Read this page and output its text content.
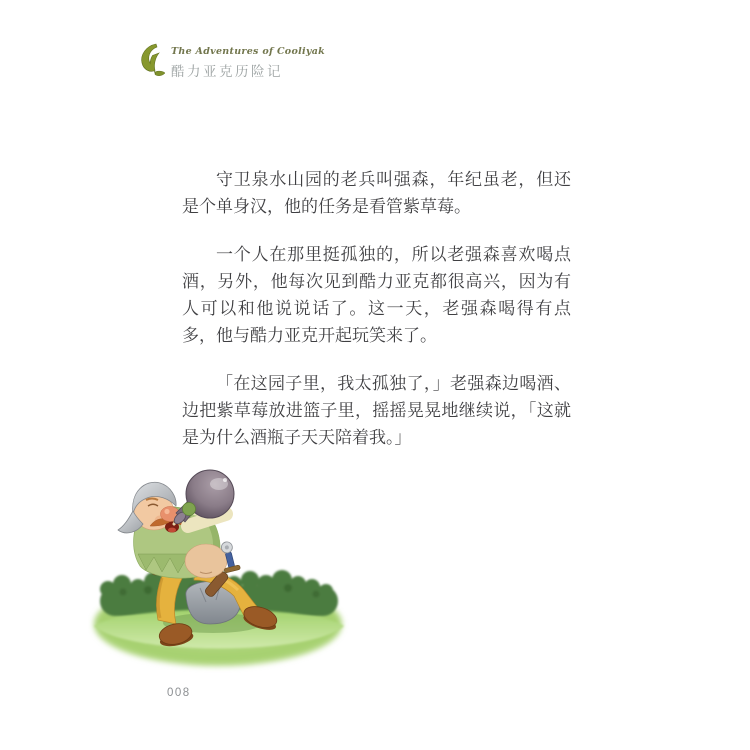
The Adventures of Cooliyak
酷力亚克历险记

守卫泉水山园的老兵叫强森，年纪虽老，但还是个单身汉，他的任务是看管紫草莓。

一个人在那里挺孤独的，所以老强森喜欢喝点酒，另外，他每次见到酷力亚克都很高兴，因为有人可以和他说说话了。这一天，老强森喝得有点多，他与酷力亚克开起玩笑来了。

「在这园子里，我太孤独了，」老强森边喝酒、边把紫草莓放进篮子里，摇摇晃晃地继续说，「这就是为什么酒瓶子天天陪着我。」

008
